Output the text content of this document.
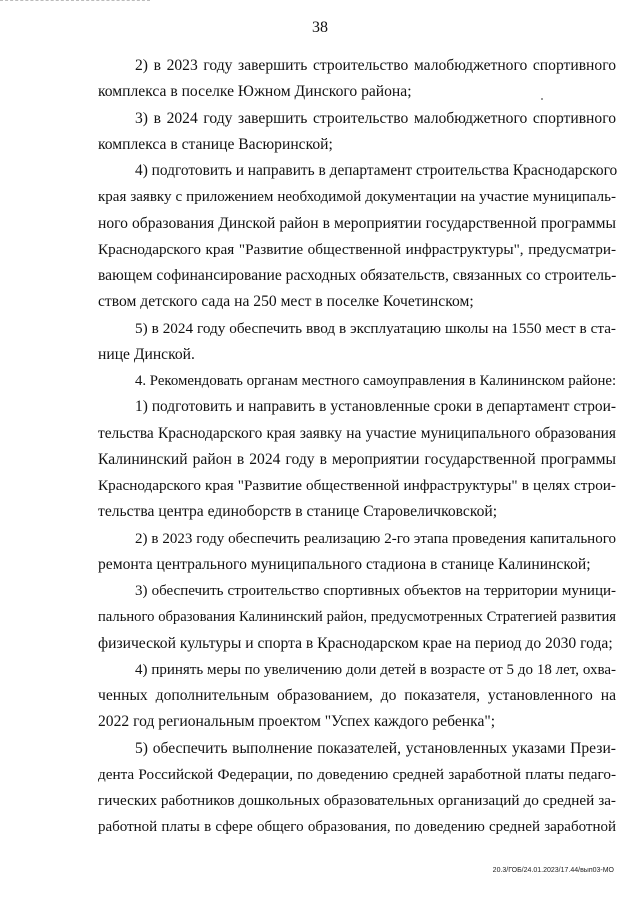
38
2) в 2023 году завершить строительство малобюджетного спортивного
комплекса в поселке Южном Динского района;
3) в 2024 году завершить строительство малобюджетного спортивного
комплекса в станице Васюринской;
4) подготовить и направить в департамент строительства Краснодарского
края заявку с приложением необходимой документации на участие муниципаль-
ного образования Динской район в мероприятии государственной программы
Краснодарского края "Развитие общественной инфраструктуры", предусматри-
вающем софинансирование расходных обязательств, связанных со строитель-
ством детского сада на 250 мест в поселке Кочетинском;
5) в 2024 году обеспечить ввод в эксплуатацию школы на 1550 мест в ста-
нице Динской.
4. Рекомендовать органам местного самоуправления в Калининском районе:
1) подготовить и направить в установленные сроки в департамент строи-
тельства Краснодарского края заявку на участие муниципального образования
Калининский район в 2024 году в мероприятии государственной программы
Краснодарского края "Развитие общественной инфраструктуры" в целях строи-
тельства центра единоборств в станице Старовеличковской;
2) в 2023 году обеспечить реализацию 2-го этапа проведения капитального
ремонта центрального муниципального стадиона в станице Калининской;
3) обеспечить строительство спортивных объектов на территории муници-
пального образования Калининский район, предусмотренных Стратегией развития
физической культуры и спорта в Краснодарском крае на период до 2030 года;
4) принять меры по увеличению доли детей в возрасте от 5 до 18 лет, охва-
ченных дополнительным образованием, до показателя, установленного на
2022 год региональным проектом "Успех каждого ребенка";
5) обеспечить выполнение показателей, установленных указами Прези-
дента Российской Федерации, по доведению средней заработной платы педаго-
гических работников дошкольных образовательных организаций до средней за-
работной платы в сфере общего образования, по доведению средней заработной
20.3/ГОБ/24.01.2023/17.44/вып03-МО
